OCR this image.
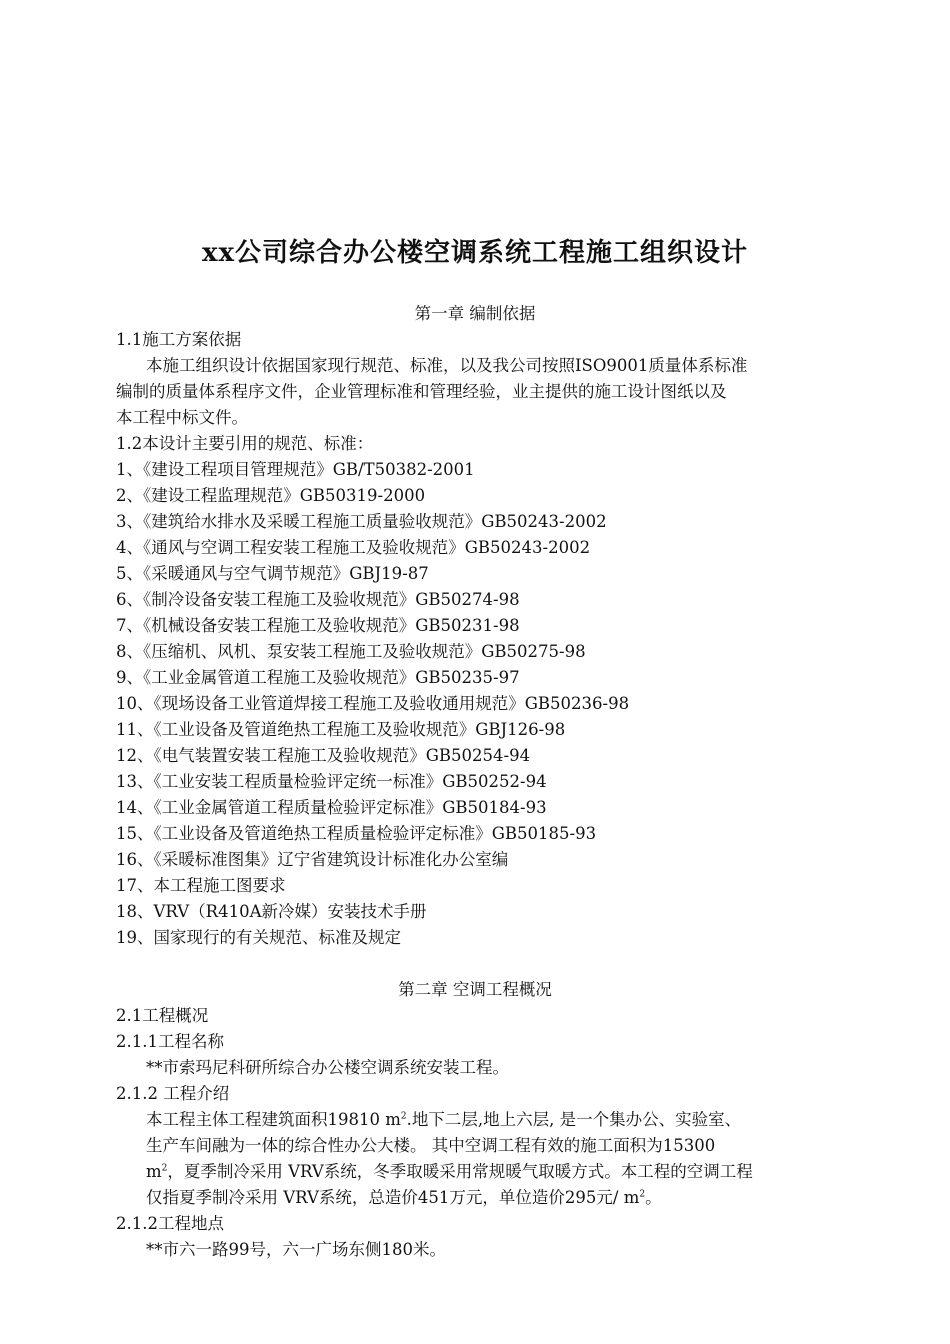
xx公司综合办公楼空调系统工程施工组织设计
第一章 编制依据
1.1施工方案依据
本施工组织设计依据国家现行规范、标准，以及我公司按照ISO9001质量体系标准
编制的质量体系程序文件，企业管理标准和管理经验，业主提供的施工设计图纸以及
本工程中标文件。
1.2本设计主要引用的规范、标准：
1、《建设工程项目管理规范》GB/T50382-2001
2、《建设工程监理规范》GB50319-2000
3、《建筑给水排水及采暖工程施工质量验收规范》GB50243-2002
4、《通风与空调工程安装工程施工及验收规范》GB50243-2002
5、《采暖通风与空气调节规范》GBJ19-87
6、《制冷设备安装工程施工及验收规范》GB50274-98
7、《机械设备安装工程施工及验收规范》GB50231-98
8、《压缩机、风机、泵安装工程施工及验收规范》GB50275-98
9、《工业金属管道工程施工及验收规范》GB50235-97
10、《现场设备工业管道焊接工程施工及验收通用规范》GB50236-98
11、《工业设备及管道绝热工程施工及验收规范》GBJ126-98
12、《电气装置安装工程施工及验收规范》GB50254-94
13、《工业安装工程质量检验评定统一标准》GB50252-94
14、《工业金属管道工程质量检验评定标准》GB50184-93
15、《工业设备及管道绝热工程质量检验评定标准》GB50185-93
16、《采暖标准图集》辽宁省建筑设计标准化办公室编
17、本工程施工图要求
18、VRV（R410A新冷媒）安装技术手册
19、国家现行的有关规范、标准及规定
第二章 空调工程概况
2.1工程概况
2.1.1工程名称
**市索玛尼科研所综合办公楼空调系统安装工程。
2.1.2 工程介绍
本工程主体工程建筑面积19810 $m^2$.地下二层,地上六层, 是一个集办公、实验室、
生产车间融为一体的综合性办公大楼。 其中空调工程有效的施工面积为15300
$m^2$，夏季制冷采用 VRV系统，冬季取暖采用常规暖气取暖方式。本工程的空调工程
仅指夏季制冷采用 VRV系统，总造价451万元，单位造价295元/ $m^2$。
2.1.2工程地点
**市六一路99号，六一广场东侧180米。
